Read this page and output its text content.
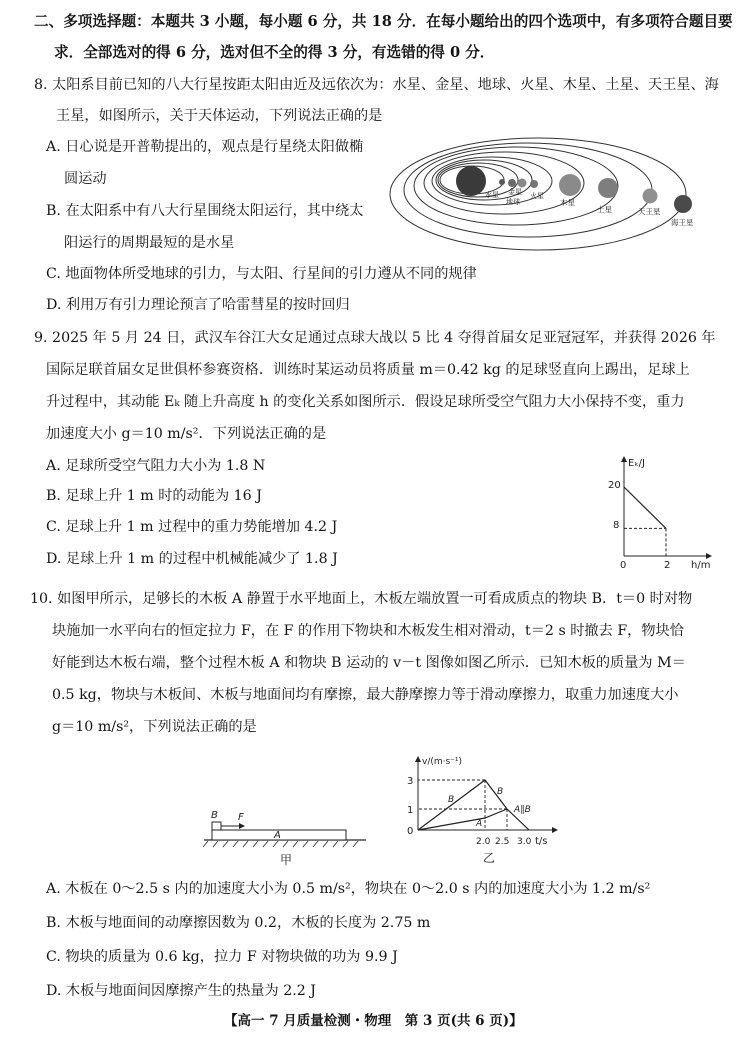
二、多项选择题：本题共 3 小题，每小题 6 分，共 18 分．在每小题给出的四个选项中，有多项符合题目要
求．全部选对的得 6 分，选对但不全的得 3 分，有选错的得 0 分．
8. 太阳系目前已知的八大行星按距太阳由近及远依次为：水星、金星、地球、火星、木星、土星、天王星、海
王星，如图所示，关于天体运动，下列说法正确的是
A. 日心说是开普勒提出的，观点是行星绕太阳做椭
圆运动
B. 在太阳系中有八大行星围绕太阳运行，其中绕太
阳运行的周期最短的是水星
C. 地面物体所受地球的引力，与太阳、行星间的引力遵从不同的规律
D. 利用万有引力理论预言了哈雷彗星的按时回归
水星 金星
地球
火星
木星
土星	天王星
海王星
9. 2025 年 5 月 24 日，武汉车谷江大女足通过点球大战以 5 比 4 夺得首届女足亚冠冠军，并获得 2026 年
国际足联首届女足世俱杯参赛资格．训练时某运动员将质量 m＝0.42 kg 的足球竖直向上踢出，足球上
升过程中，其动能 Eₖ 随上升高度 h 的变化关系如图所示．假设足球所受空气阻力大小保持不变，重力
加速度大小 g＝10 m/s²．下列说法正确的是
A. 足球所受空气阻力大小为 1.8 N
B. 足球上升 1 m 时的动能为 16 J
C. 足球上升 1 m 过程中的重力势能增加 4.2 J
D. 足球上升 1 m 的过程中机械能减少了 1.8 J
Eₖ/J
h/m
20
8
0	2
10. 如图甲所示，足够长的木板 A 静置于水平地面上，木板左端放置一可看成质点的物块 B．t＝0 时对物
块施加一水平向右的恒定拉力 F，在 F 的作用下物块和木板发生相对滑动，t＝2 s 时撤去 F，物块恰
好能到达木板右端，整个过程木板 A 和物块 B 运动的 v－t 图像如图乙所示．已知木板的质量为 M＝
0.5 kg，物块与木板间、木板与地面间均有摩擦，最大静摩擦力等于滑动摩擦力，取重力加速度大小
g＝10 m/s²，下列说法正确的是
B F
A
甲
v/(m·s⁻¹)
t/s
3
1
0
2.0 2.5 3.0
B
B
A
A∥B
乙
A. 木板在 0～2.5 s 内的加速度大小为 0.5 m/s²，物块在 0～2.0 s 内的加速度大小为 1.2 m/s²
B. 木板与地面间的动摩擦因数为 0.2，木板的长度为 2.75 m
C. 物块的质量为 0.6 kg，拉力 F 对物块做的功为 9.9 J
D. 木板与地面间因摩擦产生的热量为 2.2 J
【高一 7 月质量检测・物理　第 3 页(共 6 页)】
